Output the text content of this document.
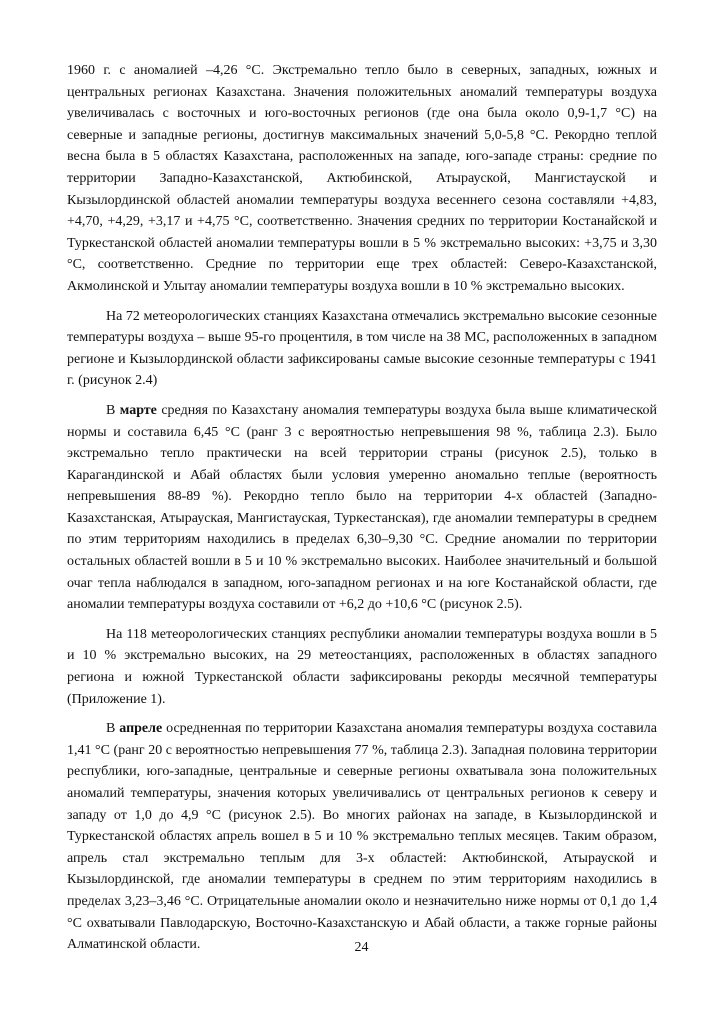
1960 г. с аномалией –4,26 °С. Экстремально тепло было в северных, западных, южных и центральных регионах Казахстана. Значения положительных аномалий температуры воздуха увеличивалась с восточных и юго-восточных регионов (где она была около 0,9-1,7 °С) на северные и западные регионы, достигнув максимальных значений 5,0-5,8 °С. Рекордно теплой весна была в 5 областях Казахстана, расположенных на западе, юго-западе страны: средние по территории Западно-Казахстанской, Актюбинской, Атырауской, Мангистауской и Кызылординской областей аномалии температуры воздуха весеннего сезона составляли +4,83, +4,70, +4,29, +3,17 и +4,75 °С, соответственно. Значения средних по территории Костанайской и Туркестанской областей аномалии температуры вошли в 5 % экстремально высоких: +3,75 и 3,30 °С, соответственно. Средние по территории еще трех областей: Северо-Казахстанской, Акмолинской и Улытау аномалии температуры воздуха вошли в 10 % экстремально высоких.

На 72 метеорологических станциях Казахстана отмечались экстремально высокие сезонные температуры воздуха – выше 95-го процентиля, в том числе на 38 МС, расположенных в западном регионе и Кызылординской области зафиксированы самые высокие сезонные температуры с 1941 г. (рисунок 2.4)

В марте средняя по Казахстану аномалия температуры воздуха была выше климатической нормы и составила 6,45 °С (ранг 3 с вероятностью непревышения 98 %, таблица 2.3). Было экстремально тепло практически на всей территории страны (рисунок 2.5), только в Карагандинской и Абай областях были условия умеренно аномально теплые (вероятность непревышения 88-89 %). Рекордно тепло было на территории 4-х областей (Западно-Казахстанская, Атырауская, Мангистауская, Туркестанская), где аномалии температуры в среднем по этим территориям находились в пределах 6,30–9,30 °С. Средние аномалии по территории остальных областей вошли в 5 и 10 % экстремально высоких. Наиболее значительный и большой очаг тепла наблюдался в западном, юго-западном регионах и на юге Костанайской области, где аномалии температуры воздуха составили от +6,2 до +10,6 °С (рисунок 2.5).

На 118 метеорологических станциях республики аномалии температуры воздуха вошли в 5 и 10 % экстремально высоких, на 29 метеостанциях, расположенных в областях западного региона и южной Туркестанской области зафиксированы рекорды месячной температуры (Приложение 1).

В апреле осредненная по территории Казахстана аномалия температуры воздуха составила 1,41 °С (ранг 20 с вероятностью непревышения 77 %, таблица 2.3). Западная половина территории республики, юго-западные, центральные и северные регионы охватывала зона положительных аномалий температуры, значения которых увеличивались от центральных регионов к северу и западу от 1,0 до 4,9 °С (рисунок 2.5). Во многих районах на западе, в Кызылординской и Туркестанской областях апрель вошел в 5 и 10 % экстремально теплых месяцев. Таким образом, апрель стал экстремально теплым для 3-х областей: Актюбинской, Атырауской и Кызылординской, где аномалии температуры в среднем по этим территориям находились в пределах 3,23–3,46 °С. Отрицательные аномалии около и незначительно ниже нормы от 0,1 до 1,4 °С охватывали Павлодарскую, Восточно-Казахстанскую и Абай области, а также горные районы Алматинской области.	24
